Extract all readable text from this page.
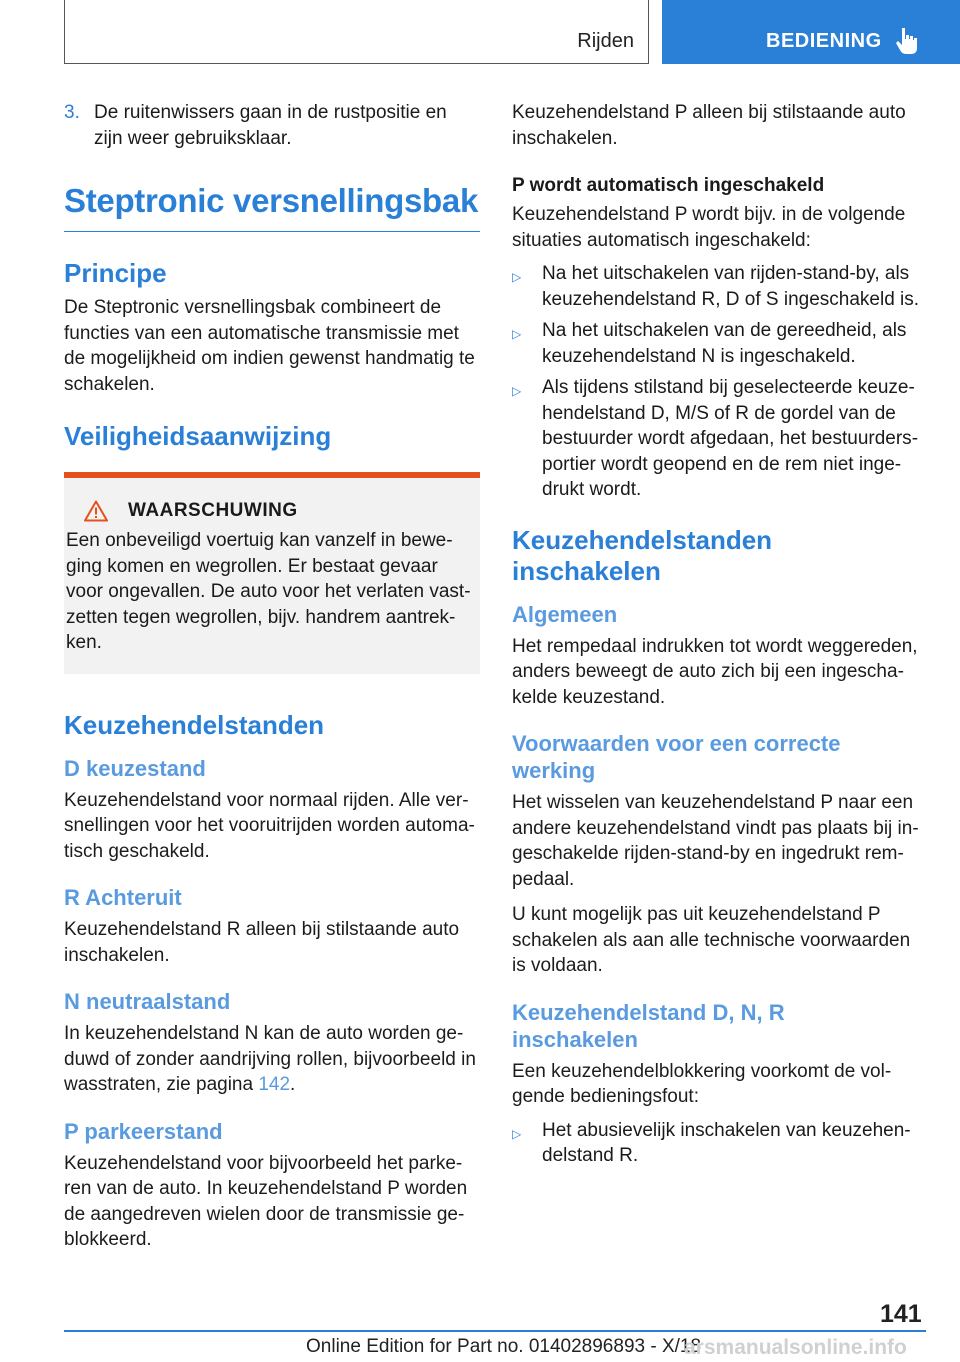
Rijden	BEDIENING
3. De ruitenwissers gaan in de rustpositie en zijn weer gebruiksklaar.
Steptronic versnellingsbak
Principe

De Steptronic versnellingsbak combineert de functies van een automatische transmissie met de mogelijkheid om indien gewenst handmatig te schakelen.

Veiligheidsaanwijzing
WAARSCHUWING

Een onbeveiligd voertuig kan vanzelf in beweging komen en wegrollen. Er bestaat gevaar voor ongevallen. De auto voor het verlaten vastzetten tegen wegrollen, bijv. handrem aantrekken.

Keuzehendelstanden
D keuzestand

Keuzehendelstand voor normaal rijden. Alle versnellingen voor het vooruitrijden worden automatisch geschakeld.

R Achteruit

Keuzehendelstand R alleen bij stilstaande auto inschakelen.

N neutraalstand

In keuzehendelstand N kan de auto worden geduwd of zonder aandrijving rollen, bijvoorbeeld in wasstraten, zie pagina 142.

P parkeerstand

Keuzehendelstand voor bijvoorbeeld het parkeren van de auto. In keuzehendelstand P worden de aangedreven wielen door de transmissie geblokkeerd.

Keuzehendelstand P alleen bij stilstaande auto inschakelen.

P wordt automatisch ingeschakeld

Keuzehendelstand P wordt bijv. in de volgende situaties automatisch ingeschakeld:

▷	Na het uitschakelen van rijden-stand-by, als keuzehendelstand R, D of S ingeschakeld is.
▷	Na het uitschakelen van de gereedheid, als keuzehendelstand N is ingeschakeld.
▷	Als tijdens stilstand bij geselecteerde keuzehendelstand D, M/S of R de gordel van de bestuurder wordt afgedaan, het bestuurdersportier wordt geopend en de rem niet ingedrukt wordt.
Keuzehendelstanden inschakelen
Algemeen

Het rempedaal indrukken tot wordt weggereden, anders beweegt de auto zich bij een ingeschakelde keuzestand.

Voorwaarden voor een correcte werking

Het wisselen van keuzehendelstand P naar een andere keuzehendelstand vindt pas plaats bij ingeschakelde rijden-stand-by en ingedrukt rempedaal.

U kunt mogelijk pas uit keuzehendelstand P schakelen als aan alle technische voorwaarden is voldaan.

Keuzehendelstand D, N, R inschakelen

Een keuzehendelblokkering voorkomt de volgende bedieningsfout:

▷	Het abusievelijk inschakelen van keuzehendelstand R.
141
Online Edition for Part no. 01402896893 - X/18
arsmanualsonline.info
